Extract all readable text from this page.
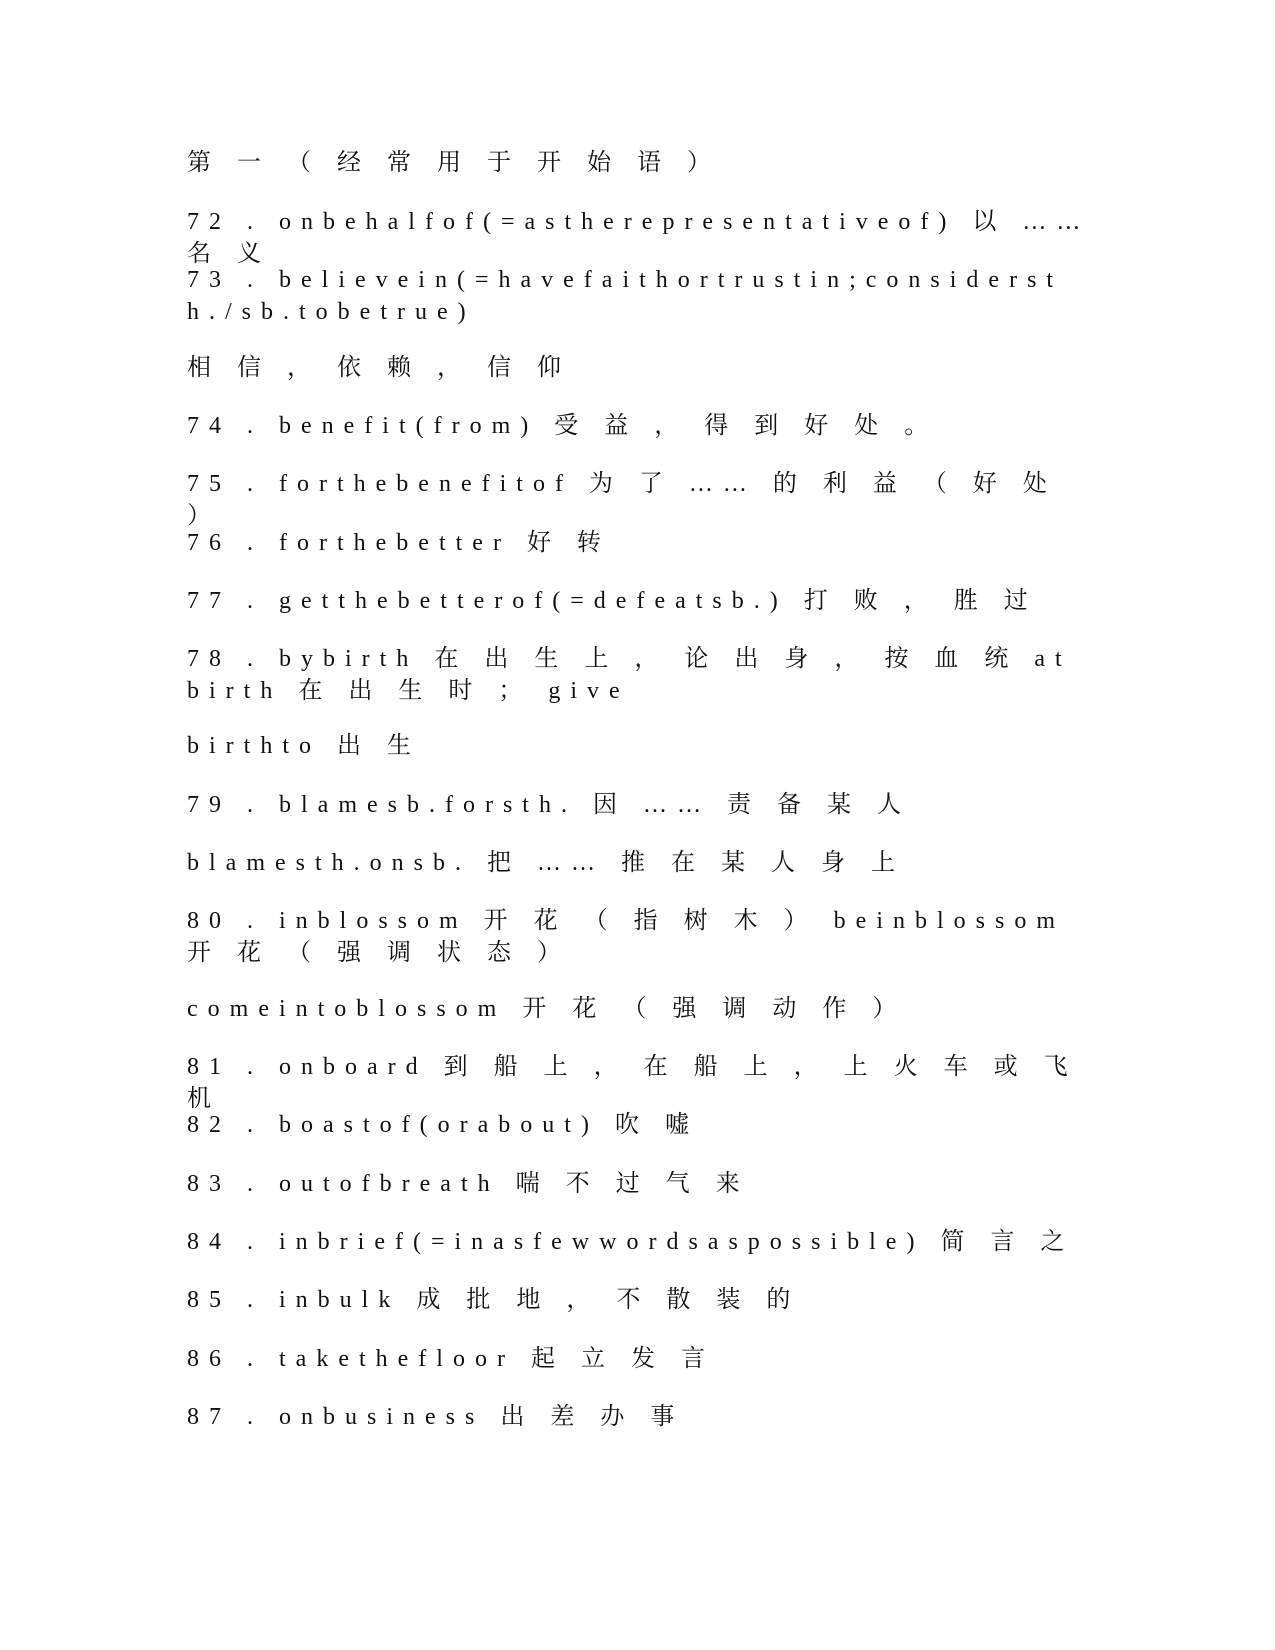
第 一 （ 经 常 用 于 开 始 语 ）
72 . onbehalfof(=astherepresentativeof) 以 …… 名 义
73 . believein(=havefaithortrustin;considersth./sb.tobetrue)
相 信 ， 依 赖 ， 信 仰
74 . benefit(from) 受 益 ， 得 到 好 处 。
75 . forthebenefitof 为 了 …… 的 利 益 （ 好 处 ）
76 . forthebetter 好 转
77 . getthebetterof(=defeatsb.) 打 败 ， 胜 过
78 . bybirth 在 出 生 上 ， 论 出 身 ， 按 血 统 atbirth 在 出 生 时 ； give
birthto 出 生
79 . blamesb.forsth. 因 …… 责 备 某 人
blamesth.onsb. 把 …… 推 在 某 人 身 上
80 . inblossom 开 花 （ 指 树 木 ） beinblossom 开 花 （ 强 调 状 态 ）
comeintoblossom 开 花 （ 强 调 动 作 ）
81 . onboard 到 船 上 ， 在 船 上 ， 上 火 车 或 飞 机
82 . boastof(orabout) 吹 嘘
83 . outofbreath 喘 不 过 气 来
84 . inbrief(=inasfewwordsaspossible) 简 言 之
85 . inbulk 成 批 地 ， 不 散 装 的
86 . takethefloor 起 立 发 言
87 . onbusiness 出 差 办 事
